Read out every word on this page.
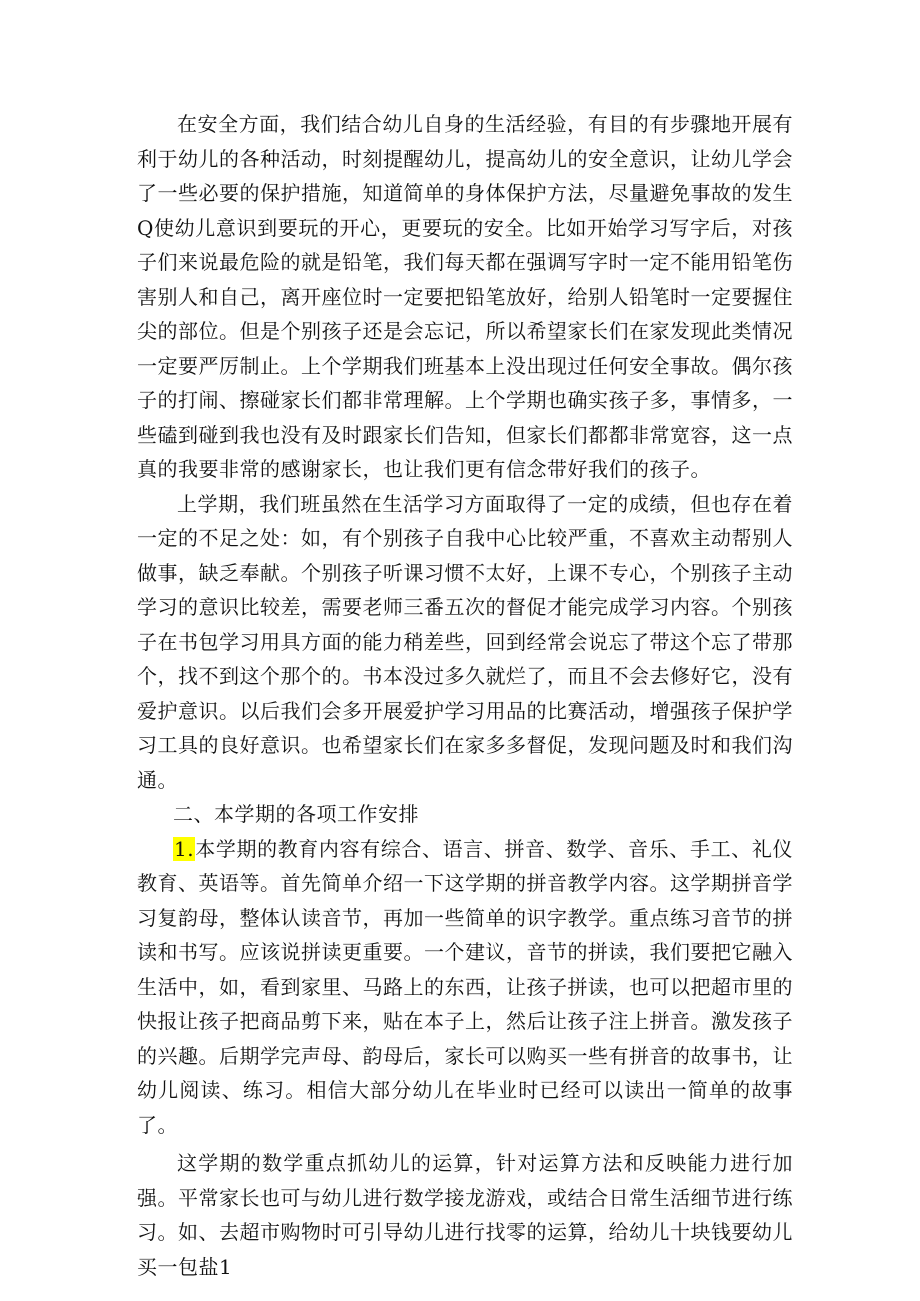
在安全方面，我们结合幼儿自身的生活经验，有目的有步骤地开展有利于幼儿的各种活动，时刻提醒幼儿，提高幼儿的安全意识，让幼儿学会了一些必要的保护措施，知道简单的身体保护方法，尽量避免事故的发生Q使幼儿意识到要玩的开心，更要玩的安全。比如开始学习写字后，对孩子们来说最危险的就是铅笔，我们每天都在强调写字时一定不能用铅笔伤害别人和自己，离开座位时一定要把铅笔放好，给别人铅笔时一定要握住尖的部位。但是个别孩子还是会忘记，所以希望家长们在家发现此类情况一定要严厉制止。上个学期我们班基本上没出现过任何安全事故。偶尔孩子的打闹、擦碰家长们都非常理解。上个学期也确实孩子多，事情多，一些磕到碰到我也没有及时跟家长们告知，但家长们都都非常宽容，这一点真的我要非常的感谢家长，也让我们更有信念带好我们的孩子。

上学期，我们班虽然在生活学习方面取得了一定的成绩，但也存在着一定的不足之处：如，有个别孩子自我中心比较严重，不喜欢主动帮别人做事，缺乏奉献。个别孩子听课习惯不太好，上课不专心，个别孩子主动学习的意识比较差，需要老师三番五次的督促才能完成学习内容。个别孩子在书包学习用具方面的能力稍差些，回到经常会说忘了带这个忘了带那个，找不到这个那个的。书本没过多久就烂了，而且不会去修好它，没有爱护意识。以后我们会多开展爱护学习用品的比赛活动，增强孩子保护学习工具的良好意识。也希望家长们在家多多督促，发现问题及时和我们沟通。

二、本学期的各项工作安排

1.本学期的教育内容有综合、语言、拼音、数学、音乐、手工、礼仪教育、英语等。首先简单介绍一下这学期的拼音教学内容。这学期拼音学习复韵母，整体认读音节，再加一些简单的识字教学。重点练习音节的拼读和书写。应该说拼读更重要。一个建议，音节的拼读，我们要把它融入生活中，如，看到家里、马路上的东西，让孩子拼读，也可以把超市里的快报让孩子把商品剪下来，贴在本子上，然后让孩子注上拼音。激发孩子的兴趣。后期学完声母、韵母后，家长可以购买一些有拼音的故事书，让幼儿阅读、练习。相信大部分幼儿在毕业时已经可以读出一简单的故事了。

这学期的数学重点抓幼儿的运算，针对运算方法和反映能力进行加强。平常家长也可与幼儿进行数学接龙游戏，或结合日常生活细节进行练习。如、去超市购物时可引导幼儿进行找零的运算，给幼儿十块钱要幼儿买一包盐1
